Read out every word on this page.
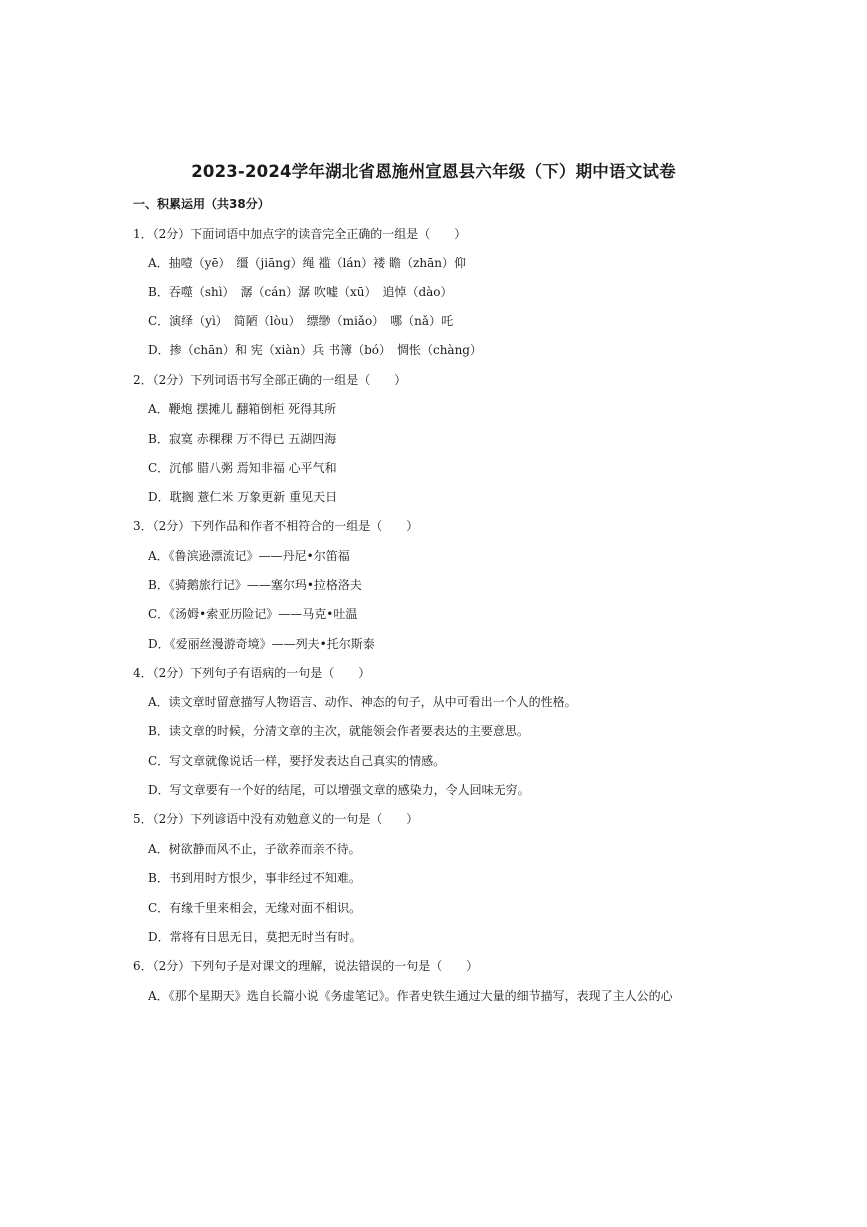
2023-2024学年湖北省恩施州宣恩县六年级（下）期中语文试卷
一、积累运用（共38分）
1．（2分）下面词语中加点字的读音完全正确的一组是（　　）
A．抽噎（yē）　缰（jiāng）绳 褴（lán）褛 瞻（zhān）仰
B．吞噬（shì）　潺（cán）潺 吹嘘（xū）　追悼（dào）
C．演绎（yì）　简陋（lòu）　缥缈（miǎo）　哪（nǎ）吒
D．掺（chān）和 宪（xiàn）兵 书簿（bó）　惆怅（chàng）
2．（2分）下列词语书写全部正确的一组是（　　）
A．鞭炮 摆摊儿 翻箱倒柜 死得其所
B．寂寞 赤稞稞 万不得已 五湖四海
C．沉郁 腊八粥 焉知非福 心平气和
D．耽搁 薏仁米 万象更新 重见天日
3．（2分）下列作品和作者不相符合的一组是（　　）
A．《鲁滨逊漂流记》——丹尼•尔笛福
B．《骑鹅旅行记》——塞尔玛•拉格洛夫
C．《汤姆•索亚历险记》——马克•吐温
D．《爱丽丝漫游奇境》——列夫•托尔斯泰
4．（2分）下列句子有语病的一句是（　　）
A．读文章时留意描写人物语言、动作、神态的句子，从中可看出一个人的性格。
B．读文章的时候，分清文章的主次，就能领会作者要表达的主要意思。
C．写文章就像说话一样，要抒发表达自己真实的情感。
D．写文章要有一个好的结尾，可以增强文章的感染力，令人回味无穷。
5．（2分）下列谚语中没有劝勉意义的一句是（　　）
A．树欲静而风不止，子欲养而亲不待。
B．书到用时方恨少，事非经过不知难。
C．有缘千里来相会，无缘对面不相识。
D．常将有日思无日，莫把无时当有时。
6．（2分）下列句子是对课文的理解，说法错误的一句是（　　）
A．《那个星期天》选自长篇小说《务虚笔记》。作者史铁生通过大量的细节描写，表现了主人公的心
